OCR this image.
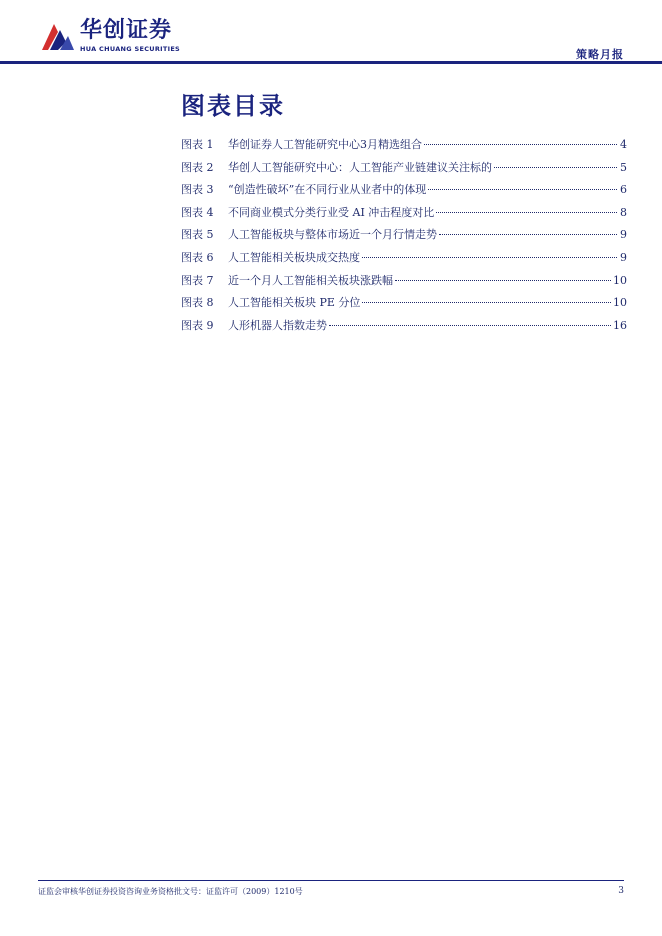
华创证券
HUA CHUANG SECURITIES	策略月报
图表目录
图表 1	华创证券人工智能研究中心3月精选组合	4
图表 2	华创人工智能研究中心：人工智能产业链建议关注标的	5
图表 3	“创造性破坏”在不同行业从业者中的体现	6
图表 4	不同商业模式分类行业受 AI 冲击程度对比	8
图表 5	人工智能板块与整体市场近一个月行情走势	9
图表 6	人工智能相关板块成交热度	9
图表 7	近一个月人工智能相关板块涨跌幅	10
图表 8	人工智能相关板块 PE 分位	10
图表 9	人形机器人指数走势	16
证监会审核华创证券投资咨询业务资格批文号：证监许可（2009）1210号	3
